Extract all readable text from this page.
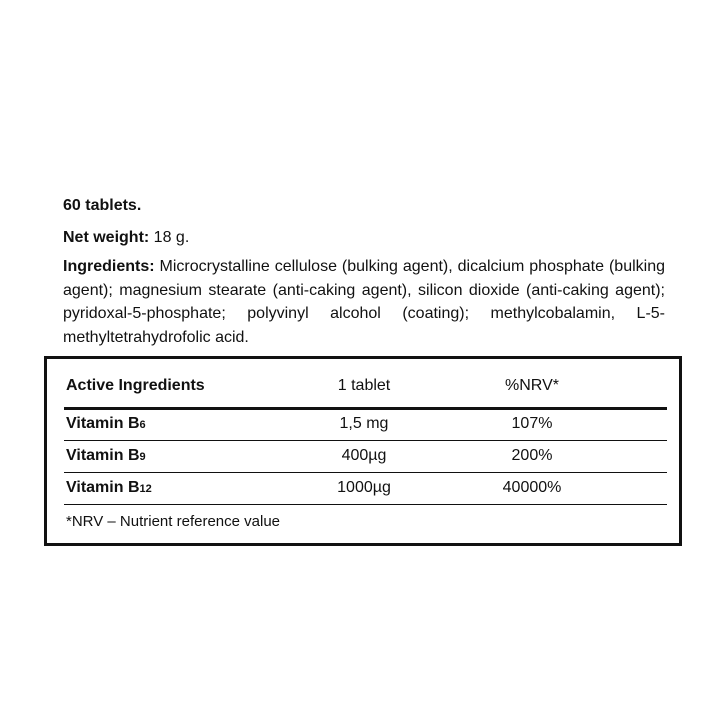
60 tablets.
Net weight: 18 g.
Ingredients: Microcrystalline cellulose (bulking agent), dicalcium phosphate (bulking agent); magnesium stearate (anti-caking agent), silicon dioxide (anti-caking agent); pyridoxal-5-phosphate; polyvinyl alcohol (coating); methylcobalamin, L-5-methyltetrahydrofolic acid.
Active Ingredients	1 tablet	%NRV*
Vitamin B6	1,5 mg	107%
Vitamin B9	400µg	200%
Vitamin B12	1000µg	40000%
*NRV – Nutrient reference value
